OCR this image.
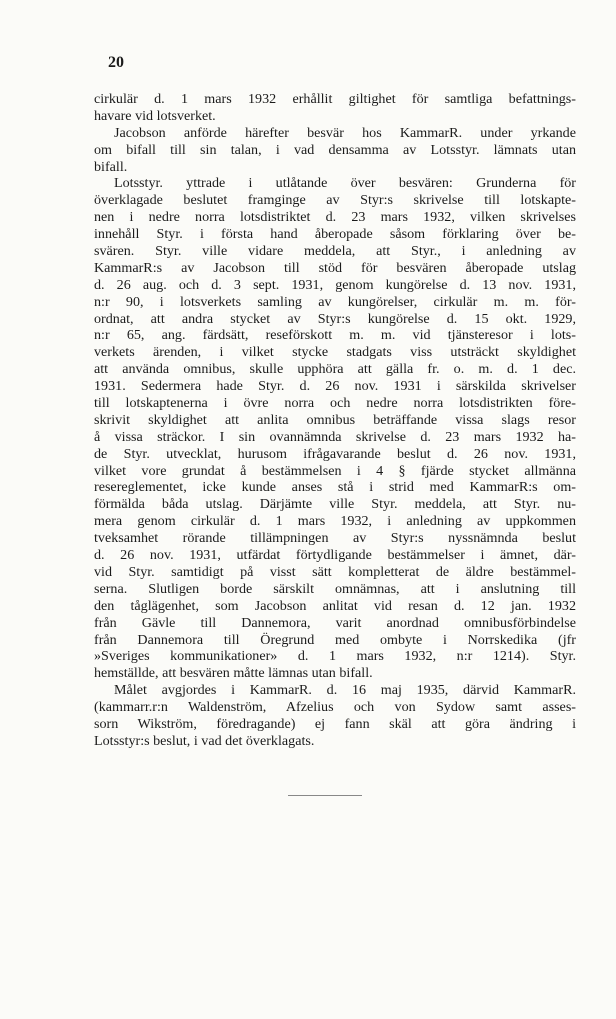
20
cirkulär d. 1 mars 1932 erhållit giltighet för samtliga befattnings-
havare vid lotsverket.
Jacobson anförde härefter besvär hos KammarR. under yrkande
om bifall till sin talan, i vad densamma av Lotsstyr. lämnats utan
bifall.
Lotsstyr. yttrade i utlåtande över besvären: Grunderna för
överklagade beslutet framginge av Styr:s skrivelse till lotskapte-
nen i nedre norra lotsdistriktet d. 23 mars 1932, vilken skrivelses
innehåll Styr. i första hand åberopade såsom förklaring över be-
svären. Styr. ville vidare meddela, att Styr., i anledning av
KammarR:s av Jacobson till stöd för besvären åberopade utslag
d. 26 aug. och d. 3 sept. 1931, genom kungörelse d. 13 nov. 1931,
n:r 90, i lotsverkets samling av kungörelser, cirkulär m. m. för-
ordnat, att andra stycket av Styr:s kungörelse d. 15 okt. 1929,
n:r 65, ang. färdsätt, reseförskott m. m. vid tjänsteresor i lots-
verkets ärenden, i vilket stycke stadgats viss utsträckt skyldighet
att använda omnibus, skulle upphöra att gälla fr. o. m. d. 1 dec.
1931. Sedermera hade Styr. d. 26 nov. 1931 i särskilda skrivelser
till lotskaptenerna i övre norra och nedre norra lotsdistrikten före-
skrivit skyldighet att anlita omnibus beträffande vissa slags resor
å vissa sträckor. I sin ovannämnda skrivelse d. 23 mars 1932 ha-
de Styr. utvecklat, hurusom ifrågavarande beslut d. 26 nov. 1931,
vilket vore grundat å bestämmelsen i 4 § fjärde stycket allmänna
resereglementet, icke kunde anses stå i strid med KammarR:s om-
förmälda båda utslag. Därjämte ville Styr. meddela, att Styr. nu-
mera genom cirkulär d. 1 mars 1932, i anledning av uppkommen
tveksamhet rörande tillämpningen av Styr:s nyssnämnda beslut
d. 26 nov. 1931, utfärdat förtydligande bestämmelser i ämnet, där-
vid Styr. samtidigt på visst sätt kompletterat de äldre bestämmel-
serna. Slutligen borde särskilt omnämnas, att i anslutning till
den tåglägenhet, som Jacobson anlitat vid resan d. 12 jan. 1932
från Gävle till Dannemora, varit anordnad omnibusförbindelse
från Dannemora till Öregrund med ombyte i Norrskedika (jfr
»Sveriges kommunikationer» d. 1 mars 1932, n:r 1214). Styr.
hemställde, att besvären måtte lämnas utan bifall.
Målet avgjordes i KammarR. d. 16 maj 1935, därvid KammarR.
(kammarr.r:n Waldenström, Afzelius och von Sydow samt asses-
sorn Wikström, föredragande) ej fann skäl att göra ändring i
Lotsstyr:s beslut, i vad det överklagats.
